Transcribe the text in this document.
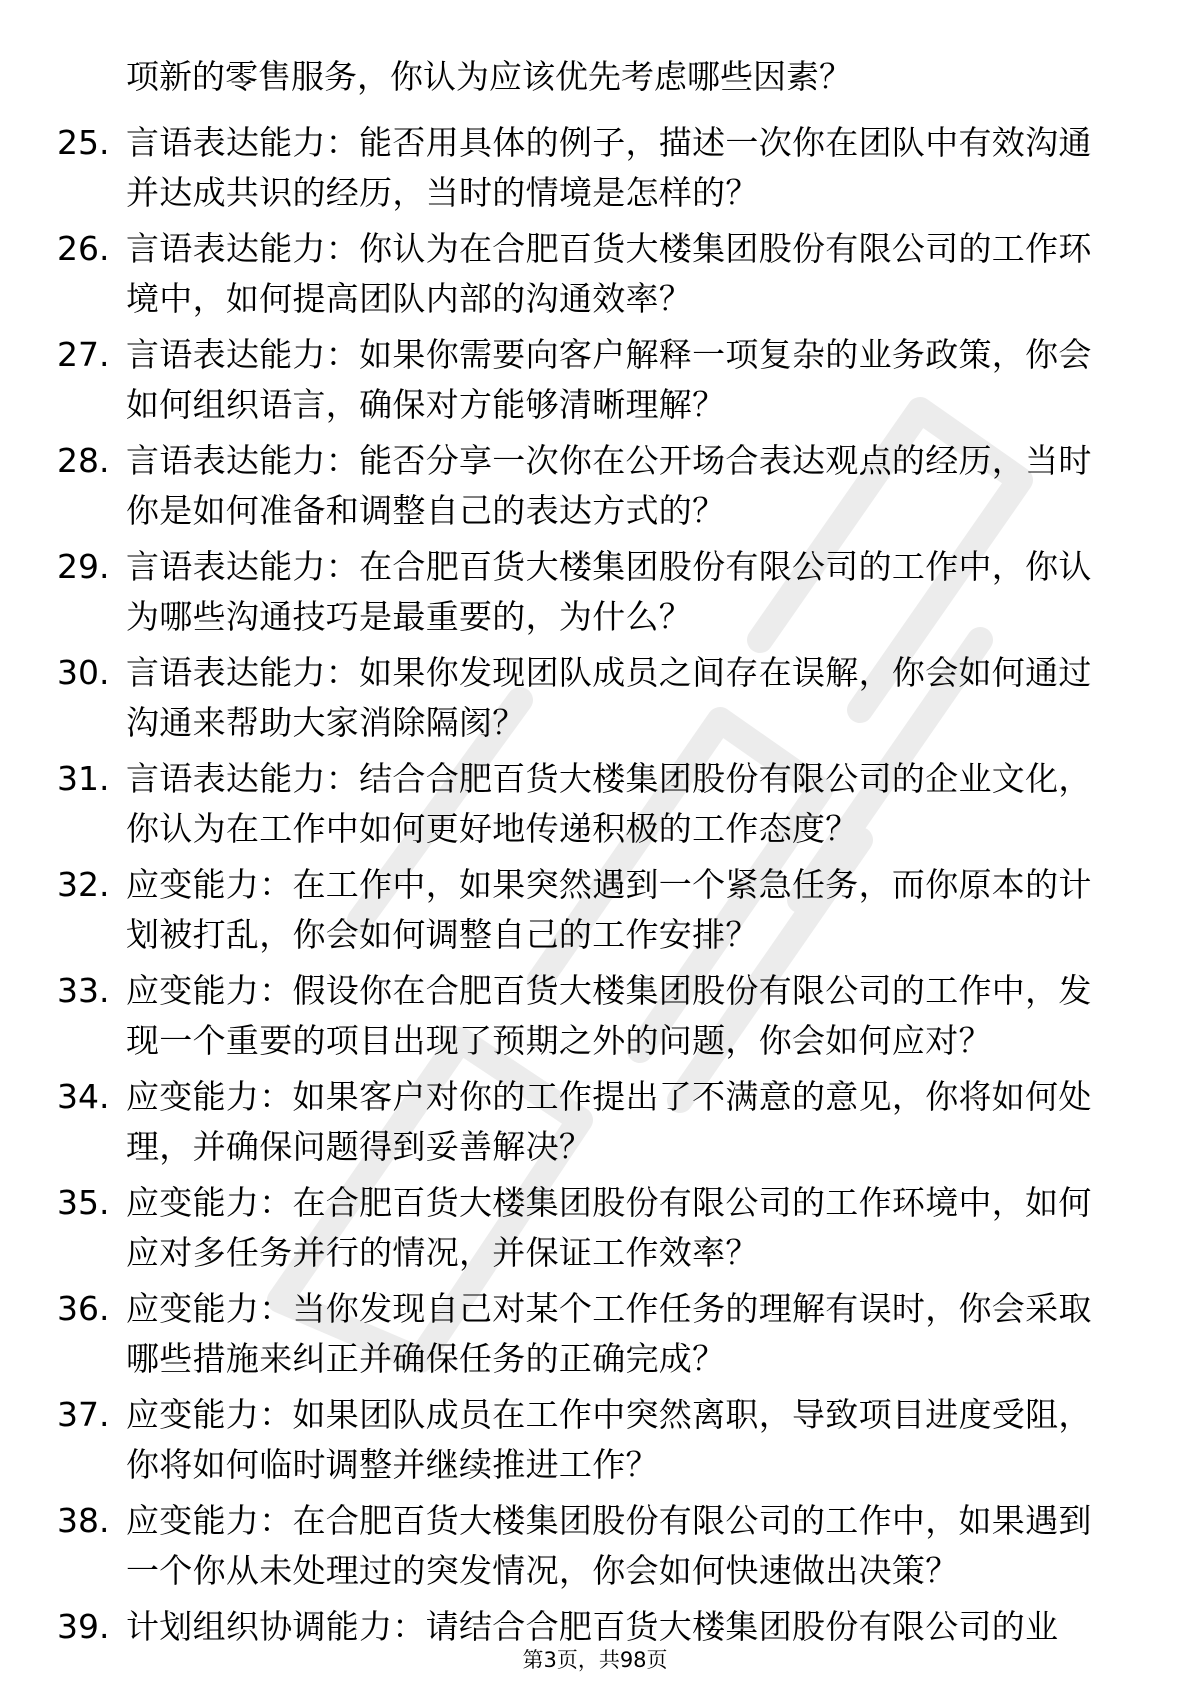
项新的零售服务，你认为应该优先考虑哪些因素？
25. 言语表达能力：能否用具体的例子，描述一次你在团队中有效沟通并达成共识的经历，当时的情境是怎样的？
26. 言语表达能力：你认为在合肥百货大楼集团股份有限公司的工作环境中，如何提高团队内部的沟通效率？
27. 言语表达能力：如果你需要向客户解释一项复杂的业务政策，你会如何组织语言，确保对方能够清晰理解？
28. 言语表达能力：能否分享一次你在公开场合表达观点的经历，当时你是如何准备和调整自己的表达方式的？
29. 言语表达能力：在合肥百货大楼集团股份有限公司的工作中，你认为哪些沟通技巧是最重要的，为什么？
30. 言语表达能力：如果你发现团队成员之间存在误解，你会如何通过沟通来帮助大家消除隔阂？
31. 言语表达能力：结合合肥百货大楼集团股份有限公司的企业文化，你认为在工作中如何更好地传递积极的工作态度？
32. 应变能力：在工作中，如果突然遇到一个紧急任务，而你原本的计划被打乱，你会如何调整自己的工作安排？
33. 应变能力：假设你在合肥百货大楼集团股份有限公司的工作中，发现一个重要的项目出现了预期之外的问题，你会如何应对？
34. 应变能力：如果客户对你的工作提出了不满意的意见，你将如何处理，并确保问题得到妥善解决？
35. 应变能力：在合肥百货大楼集团股份有限公司的工作环境中，如何应对多任务并行的情况，并保证工作效率？
36. 应变能力：当你发现自己对某个工作任务的理解有误时，你会采取哪些措施来纠正并确保任务的正确完成？
37. 应变能力：如果团队成员在工作中突然离职，导致项目进度受阻，你将如何临时调整并继续推进工作？
38. 应变能力：在合肥百货大楼集团股份有限公司的工作中，如果遇到一个你从未处理过的突发情况，你会如何快速做出决策？
39. 计划组织协调能力：请结合合肥百货大楼集团股份有限公司的业
第3页，共98页
